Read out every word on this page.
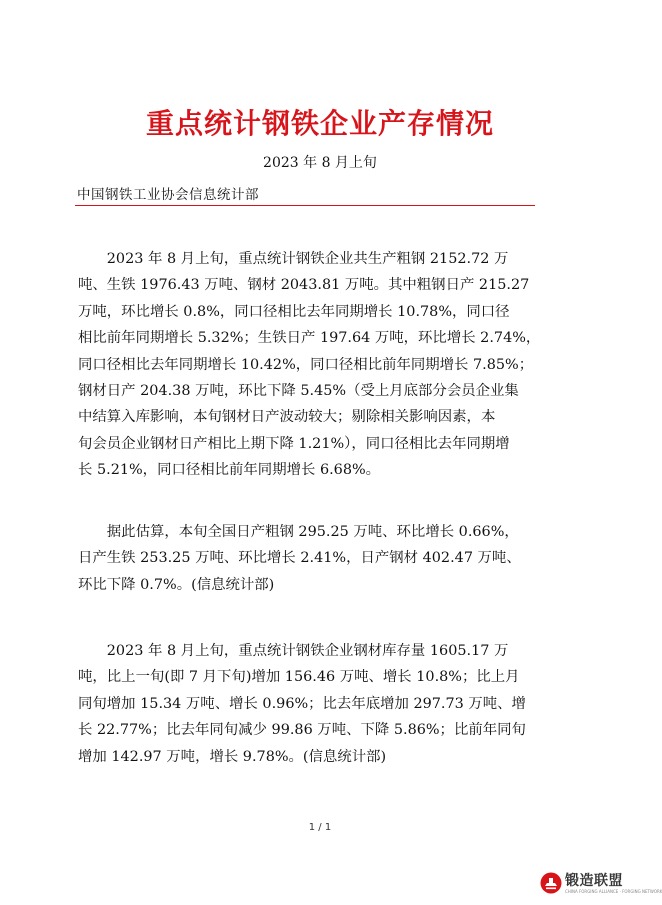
重点统计钢铁企业产存情况
2023 年 8 月上旬
中国钢铁工业协会信息统计部
　　2023 年 8 月上旬，重点统计钢铁企业共生产粗钢 2152.72 万
吨、生铁 1976.43 万吨、钢材 2043.81 万吨。其中粗钢日产 215.27
万吨，环比增长 0.8%，同口径相比去年同期增长 10.78%，同口径
相比前年同期增长 5.32%；生铁日产 197.64 万吨，环比增长 2.74%，
同口径相比去年同期增长 10.42%，同口径相比前年同期增长 7.85%；
钢材日产 204.38 万吨，环比下降 5.45%（受上月底部分会员企业集
中结算入库影响，本旬钢材日产波动较大；剔除相关影响因素，本
旬会员企业钢材日产相比上期下降 1.21%），同口径相比去年同期增
长 5.21%，同口径相比前年同期增长 6.68%。
　　据此估算，本旬全国日产粗钢 295.25 万吨、环比增长 0.66%，
日产生铁 253.25 万吨、环比增长 2.41%，日产钢材 402.47 万吨、
环比下降 0.7%。(信息统计部)
　　2023 年 8 月上旬，重点统计钢铁企业钢材库存量 1605.17 万
吨，比上一旬(即 7 月下旬)增加 156.46 万吨、增长 10.8%；比上月
同旬增加 15.34 万吨、增长 0.96%；比去年底增加 297.73 万吨、增
长 22.77%；比去年同旬减少 99.86 万吨、下降 5.86%；比前年同旬
增加 142.97 万吨，增长 9.78%。(信息统计部)
1 / 1
锻造联盟
CHINA FORGING ALLIANCE · FORGING NETWORK
